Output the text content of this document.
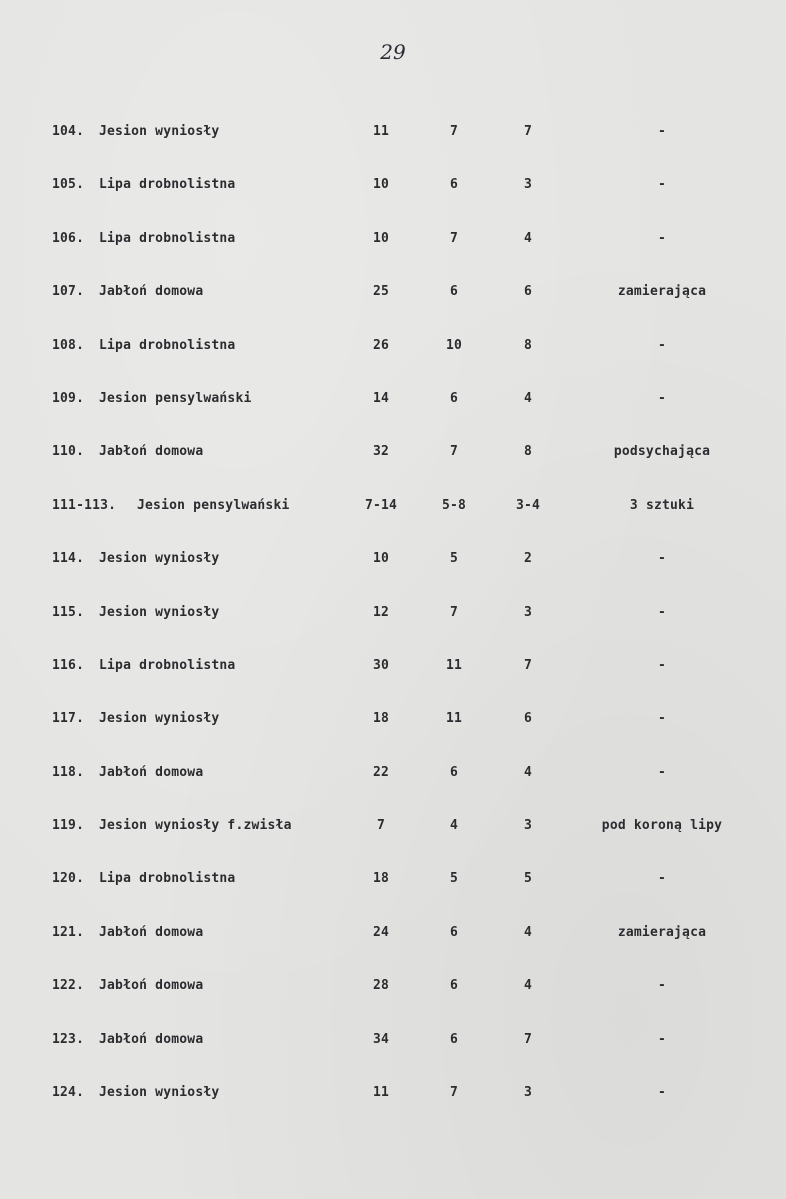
29
104. Jesion wyniosły	11	7	7	-
105. Lipa drobnolistna	10	6	3	-
106. Lipa drobnolistna	10	7	4	-
107. Jabłoń domowa	25	6	6	zamierająca
108. Lipa drobnolistna	26	10	8	-
109. Jesion pensylwański	14	6	4	-
110. Jabłoń domowa	32	7	8	podsychająca
111-113. Jesion pensylwański	7-14	5-8	3-4	3 sztuki
114. Jesion wyniosły	10	5	2	-
115. Jesion wyniosły	12	7	3	-
116. Lipa drobnolistna	30	11	7	-
117. Jesion wyniosły	18	11	6	-
118. Jabłoń domowa	22	6	4	-
119. Jesion wyniosły f.zwisła	7	4	3	pod koroną lipy
120. Lipa drobnolistna	18	5	5	-
121. Jabłoń domowa	24	6	4	zamierająca
122. Jabłoń domowa	28	6	4	-
123. Jabłoń domowa	34	6	7	-
124. Jesion wyniosły	11	7	3	-
